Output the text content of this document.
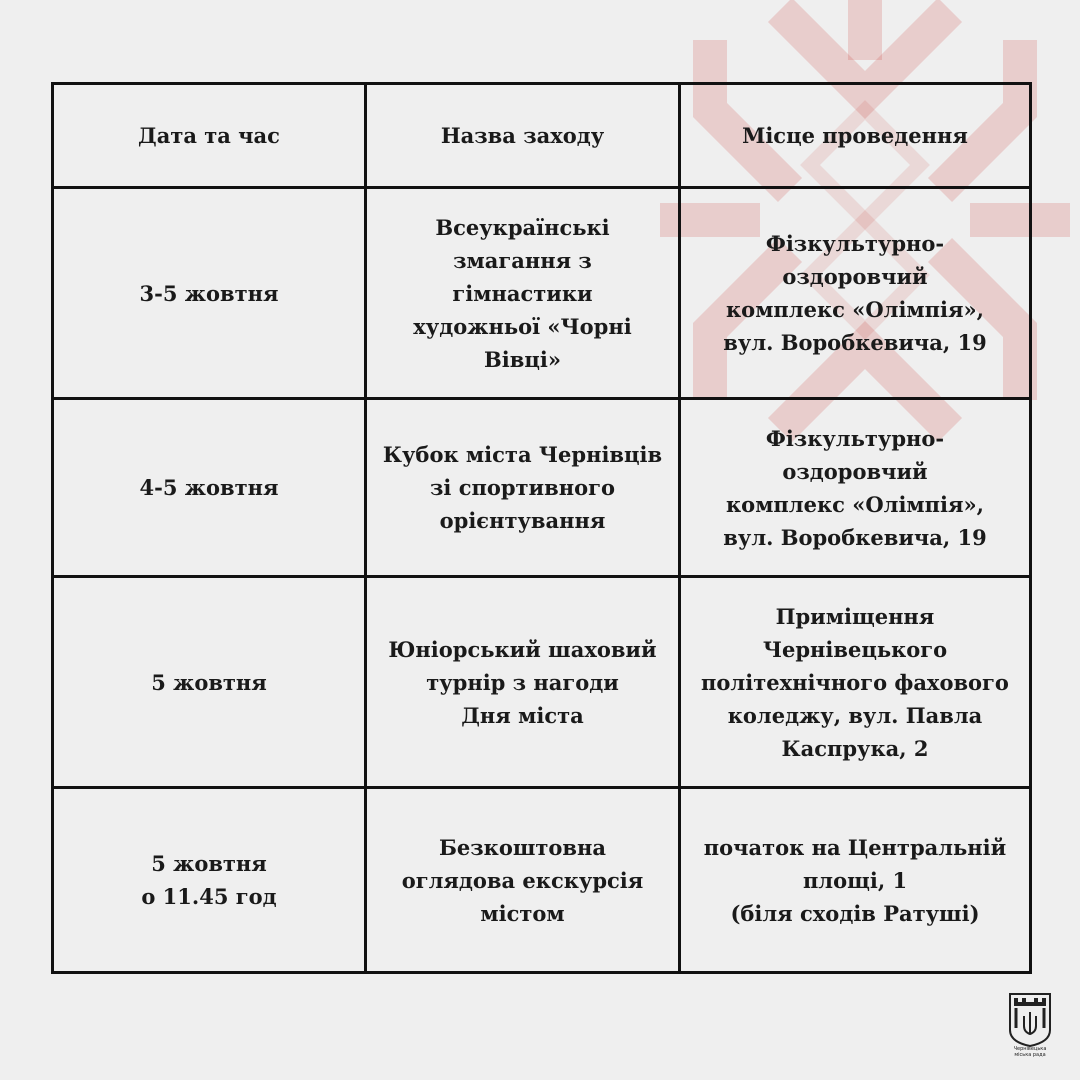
Дата та час	Назва заходу	Місце проведення
3-5 жовтня	Всеукраїнські
змагання з
гімнастики
художньої «Чорні
Вівці»	Фізкультурно-
оздоровчий
комплекс «Олімпія»,
вул. Воробкевича, 19
4-5 жовтня	Кубок міста Чернівців
зі спортивного
орієнтування	Фізкультурно-
оздоровчий
комплекс «Олімпія»,
вул. Воробкевича, 19
5 жовтня	Юніорський шаховий
турнір з нагоди
Дня міста	Приміщення
Чернівецького
політехнічного фахового
коледжу, вул. Павла
Каспрука, 2
5 жовтня
о 11.45 год	Безкоштовна
оглядова екскурсія
містом	початок на Центральній
площі, 1
(біля сходів Ратуші)
Чернівецька
міська рада
